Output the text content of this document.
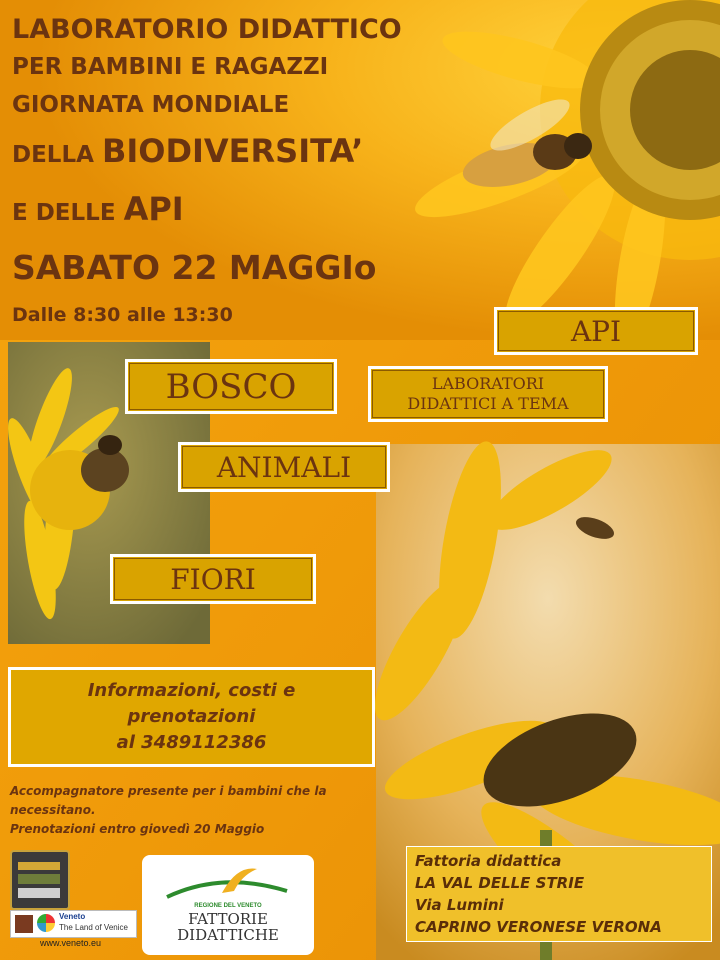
LABORATORIO DIDATTICO
PER BAMBINI E RAGAZZI
GIORNATA MONDIALE
DELLA BIODIVERSITA’
E DELLE API
SABATO 22 MAGGIo
Dalle 8:30 alle 13:30	API
BOSCO	LABORATORI DIDATTICI A TEMA
ANIMALI
FIORI
Informazioni, costi e
prenotazioni
al 3489112386
Accompagnatore presente per i bambini che la
necessitano.
Prenotazioni entro giovedì 20 Maggio
Veneto
The Land of Venice
www.veneto.eu
REGIONE DEL VENETO
FATTORIE
DIDATTICHE
Fattoria didattica
LA VAL DELLE STRIE
Via Lumini
CAPRINO VERONESE VERONA
